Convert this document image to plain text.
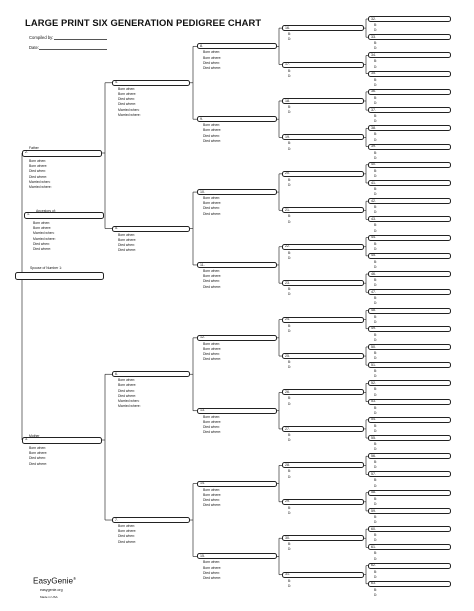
LARGE PRINT SIX GENERATION PEDIGREE CHART
Compiled by:
Date:
1.
Born when:
Born where:
Married when:
Married where:
Died when:
Died where:
2.
Born when:
Born where:
Died when:
Died where:
Married when:
Married where:
3.
Born when:
Born where:
Died when:
Died where:
4.
Born when:
Born where:
Died when:
Died where:
Married when:
Married where:
5.
Born when:
Born where:
Died when:
Died where:
6.
Born when:
Born where:
Died when:
Died where:
Married when:
Married where:
7.
Born when:
Born where:
Died when:
Died where:
8.
Born when:
Born where:
Died when:
Died where:
9.
Born when:
Born where:
Died when:
Died where:
10.
Born when:
Born where:
Died when:
Died where:
11.
Born when:
Born where:
Died when:
Died where:
12.
Born when:
Born where:
Died when:
Died where:
13.
Born when:
Born where:
Died when:
Died where:
14.
Born when:
Born where:
Died when:
Died where:
15.
Born when:
Born where:
Died when:
Died where:
16.
B:
D:
17.
B:
D:
18.
B:
D:
19.
B:
D:
20.
B:
D:
21.
B:
D:
22.
B:
D:
23.
B:
D:
24.
B:
D:
25.
B:
D:
26.
B:
D:
27.
B:
D:
28.
B:
D:
29.
B:
D:
30.
B:
D:
31.
B:
D:
32.
B:
D:
33.
B:
D:
34.
B:
D:
35.
B:
D:
36.
B:
D:
37.
B:
D:
38.
B:
D:
39.
B:
D:
40.
B:
D:
41.
B:
D:
42.
B:
D:
43.
B:
D:
44.
B:
D:
45.
B:
D:
46.
B:
D:
47.
B:
D:
48.
B:
D:
49.
B:
D:
50.
B:
D:
51.
B:
D:
52.
B:
D:
53.
B:
D:
54.
B:
D:
55.
B:
D:
56.
B:
D:
57.
B:
D:
58.
B:
D:
59.
B:
D:
60.
B:
D:
61.
B:
D:
62.
B:
D:
63.
B:
D:
Father
Ancestors of:
Spouse of Number 1:
Mother
EasyGenie®
easygenie.org
Made in USA
